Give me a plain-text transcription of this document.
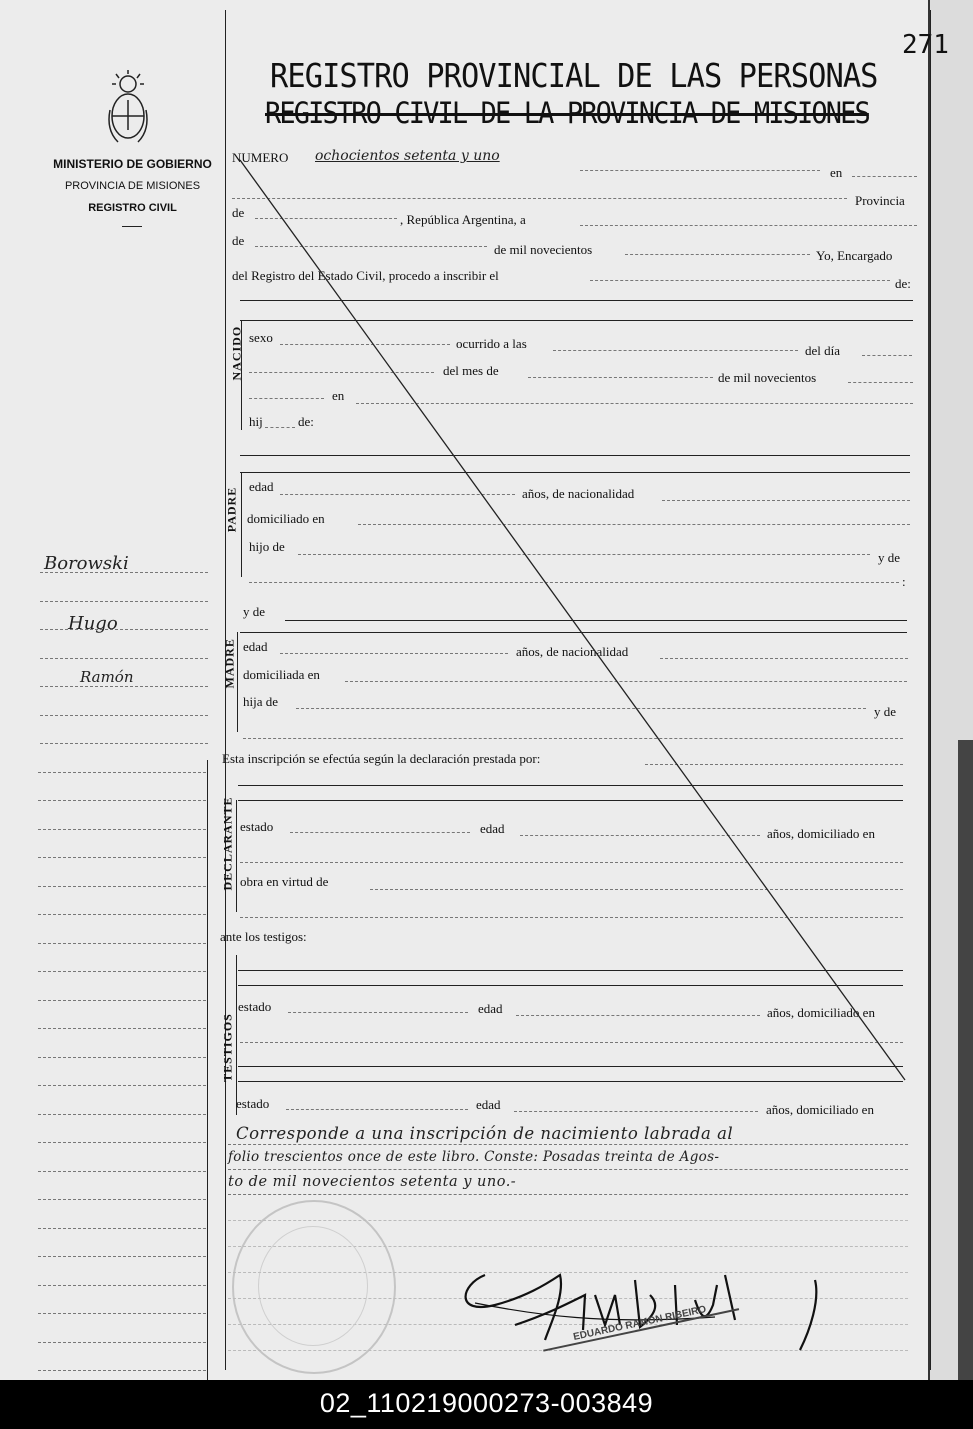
271
MINISTERIO DE GOBIERNO
PROVINCIA DE MISIONES
REGISTRO CIVIL
REGISTRO PROVINCIAL DE LAS PERSONAS
REGISTRO CIVIL DE LA PROVINCIA DE MISIONES
Borowski
Hugo
Ramón
NUMERO ochocientos setenta y uno
en
Provincia
de	, República Argentina, a
de
de mil novecientos	Yo, Encargado
del Registro del Estado Civil, procedo a inscribir el
de:
NACIDO sexo	ocurrido a las	del día
del mes de	de mil novecientos
en
hij	de:
PADRE
edad	años, de nacionalidad
domiciliado en
hijo de
y de
:
y de
MADRE edad	años, de nacionalidad
domiciliada en
hija de
y de
Esta inscripción se efectúa según la declaración prestada por:
DECLARANTE estado	edad	años, domiciliado en
obra en virtud de
ante los testigos:
TESTIGOS
estado	edad	años, domiciliado en
estado	edad	años, domiciliado en
Corresponde a una inscripción de nacimiento labrada al
folio trescientos once de este libro. Conste: Posadas treinta de Agos-
to de mil novecientos setenta y uno.-
EDUARDO RAMON RIBEIRO
02_110219000273-003849
